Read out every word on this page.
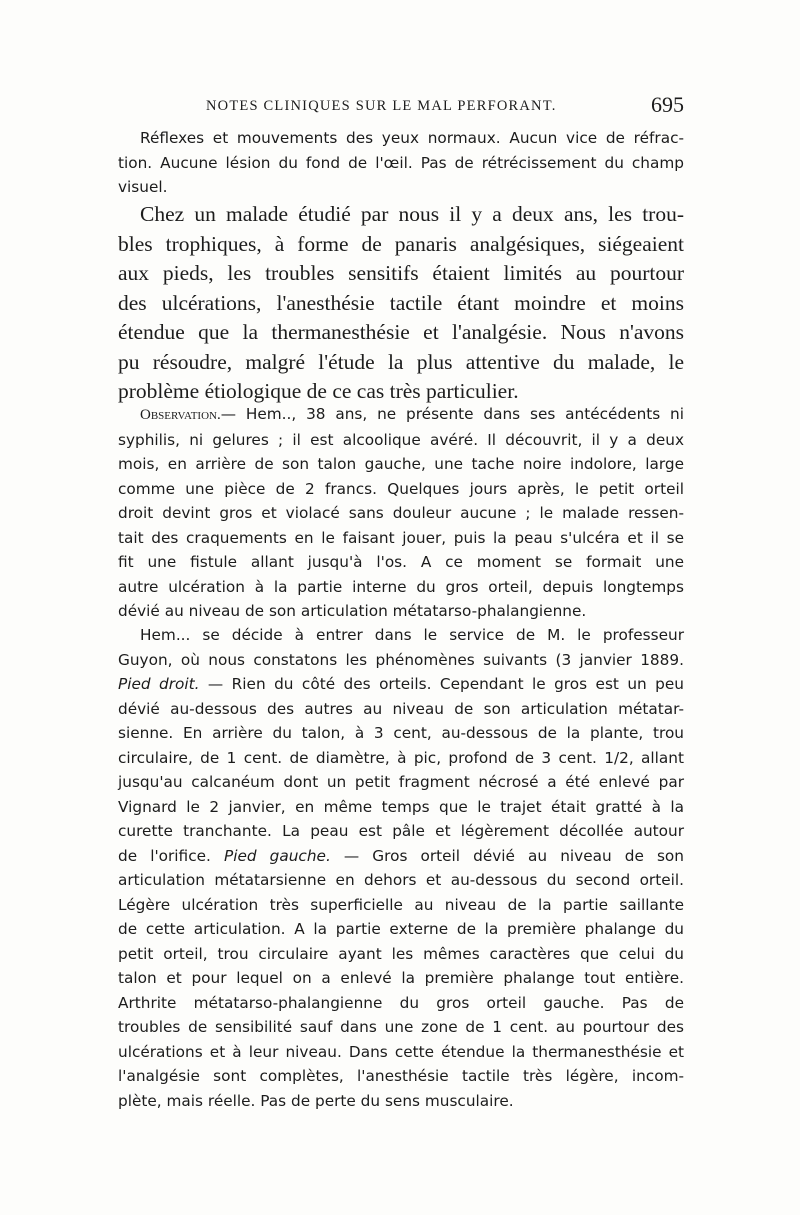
NOTES CLINIQUES SUR LE MAL PERFORANT.	695
Réflexes et mouvements des yeux normaux. Aucun vice de réfrac-
tion. Aucune lésion du fond de l'œil. Pas de rétrécissement du champ
visuel.
Chez un malade étudié par nous il y a deux ans, les trou-
bles trophiques, à forme de panaris analgésiques, siégeaient
aux pieds, les troubles sensitifs étaient limités au pourtour
des ulcérations, l'anesthésie tactile étant moindre et moins
étendue que la thermanesthésie et l'analgésie. Nous n'avons
pu résoudre, malgré l'étude la plus attentive du malade, le
problème étiologique de ce cas très particulier.
Observation.— Hem.., 38 ans, ne présente dans ses antécédents ni
syphilis, ni gelures ; il est alcoolique avéré. Il découvrit, il y a deux
mois, en arrière de son talon gauche, une tache noire indolore, large
comme une pièce de 2 francs. Quelques jours après, le petit orteil
droit devint gros et violacé sans douleur aucune ; le malade ressen-
tait des craquements en le faisant jouer, puis la peau s'ulcéra et il se
fit une fistule allant jusqu'à l'os. A ce moment se formait une
autre ulcération à la partie interne du gros orteil, depuis longtemps
dévié au niveau de son articulation métatarso-phalangienne.
Hem... se décide à entrer dans le service de M. le professeur
Guyon, où nous constatons les phénomènes suivants (3 janvier 1889.
Pied droit. — Rien du côté des orteils. Cependant le gros est un peu
dévié au-dessous des autres au niveau de son articulation métatar-
sienne. En arrière du talon, à 3 cent, au-dessous de la plante, trou
circulaire, de 1 cent. de diamètre, à pic, profond de 3 cent. 1/2, allant
jusqu'au calcanéum dont un petit fragment nécrosé a été enlevé par
Vignard le 2 janvier, en même temps que le trajet était gratté à la
curette tranchante. La peau est pâle et légèrement décollée autour
de l'orifice. Pied gauche. — Gros orteil dévié au niveau de son
articulation métatarsienne en dehors et au-dessous du second orteil.
Légère ulcération très superficielle au niveau de la partie saillante
de cette articulation. A la partie externe de la première phalange du
petit orteil, trou circulaire ayant les mêmes caractères que celui du
talon et pour lequel on a enlevé la première phalange tout entière.
Arthrite métatarso-phalangienne du gros orteil gauche. Pas de
troubles de sensibilité sauf dans une zone de 1 cent. au pourtour des
ulcérations et à leur niveau. Dans cette étendue la thermanesthésie et
l'analgésie sont complètes, l'anesthésie tactile très légère, incom-
plète, mais réelle. Pas de perte du sens musculaire.
